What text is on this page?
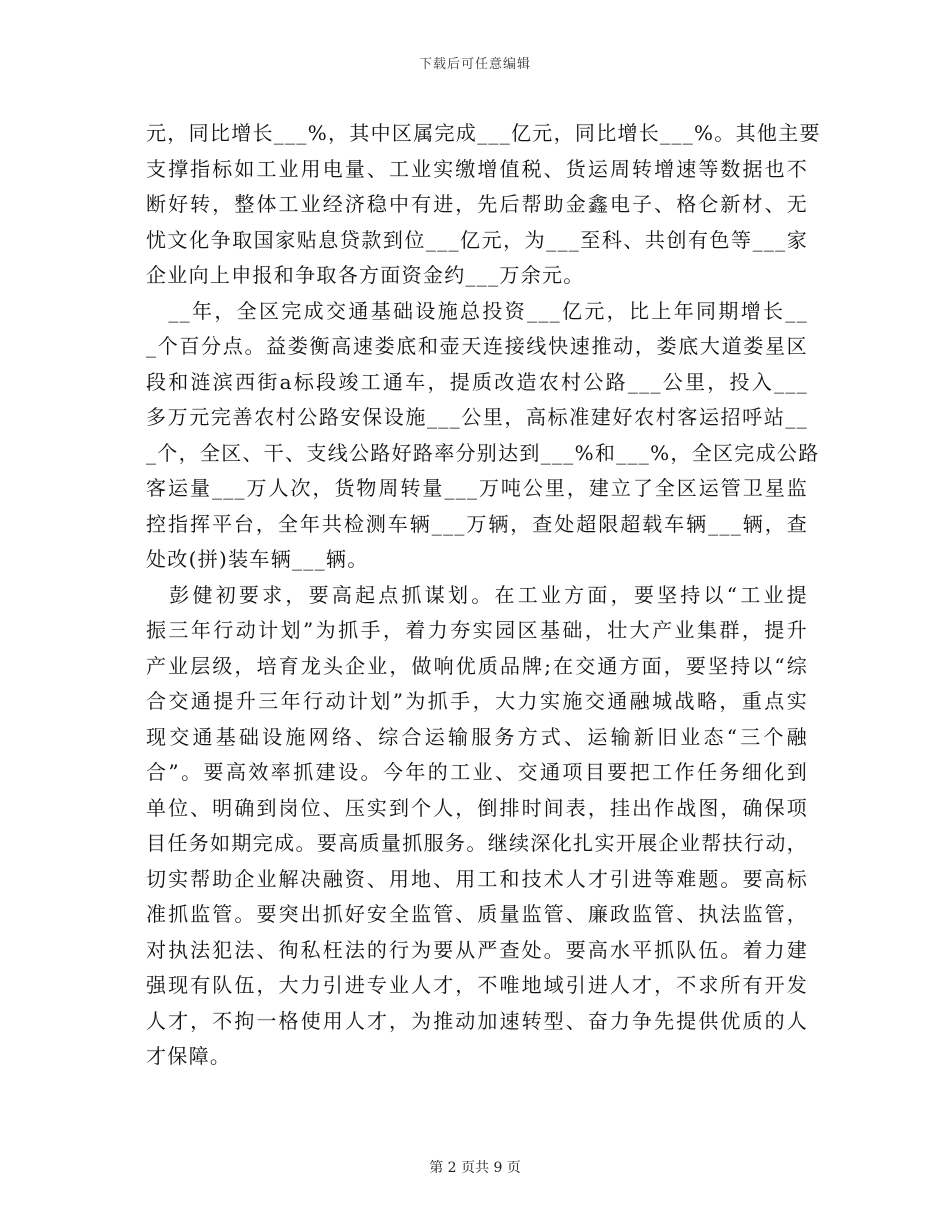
下载后可任意编辑

元，同比增长___%，其中区属完成___亿元，同比增长___%。其他主要
支撑指标如工业用电量、工业实缴增值税、货运周转增速等数据也不
断好转，整体工业经济稳中有进，先后帮助金鑫电子、格仑新材、无
忧文化争取国家贴息贷款到位___亿元，为___至科、共创有色等___家
企业向上申报和争取各方面资金约___万余元。

　__年，全区完成交通基础设施总投资___亿元，比上年同期增长__
_个百分点。益娄衡高速娄底和壶天连接线快速推动，娄底大道娄星区
段和涟滨西街a标段竣工通车，提质改造农村公路___公里，投入___
多万元完善农村公路安保设施___公里，高标准建好农村客运招呼站__
_个，全区、干、支线公路好路率分别达到___%和___%，全区完成公路
客运量___万人次，货物周转量___万吨公里，建立了全区运管卫星监
控指挥平台，全年共检测车辆___万辆，查处超限超载车辆___辆，查
处改(拼)装车辆___辆。

　彭健初要求，要高起点抓谋划。在工业方面，要坚持以“工业提
振三年行动计划”为抓手，着力夯实园区基础，壮大产业集群，提升
产业层级，培育龙头企业，做响优质品牌;在交通方面，要坚持以“综
合交通提升三年行动计划”为抓手，大力实施交通融城战略，重点实
现交通基础设施网络、综合运输服务方式、运输新旧业态“三个融
合”。要高效率抓建设。今年的工业、交通项目要把工作任务细化到
单位、明确到岗位、压实到个人，倒排时间表，挂出作战图，确保项
目任务如期完成。要高质量抓服务。继续深化扎实开展企业帮扶行动，
切实帮助企业解决融资、用地、用工和技术人才引进等难题。要高标
准抓监管。要突出抓好安全监管、质量监管、廉政监管、执法监管，
对执法犯法、徇私枉法的行为要从严查处。要高水平抓队伍。着力建
强现有队伍，大力引进专业人才，不唯地域引进人才，不求所有开发
人才，不拘一格使用人才，为推动加速转型、奋力争先提供优质的人
才保障。

第 2 页共 9 页
